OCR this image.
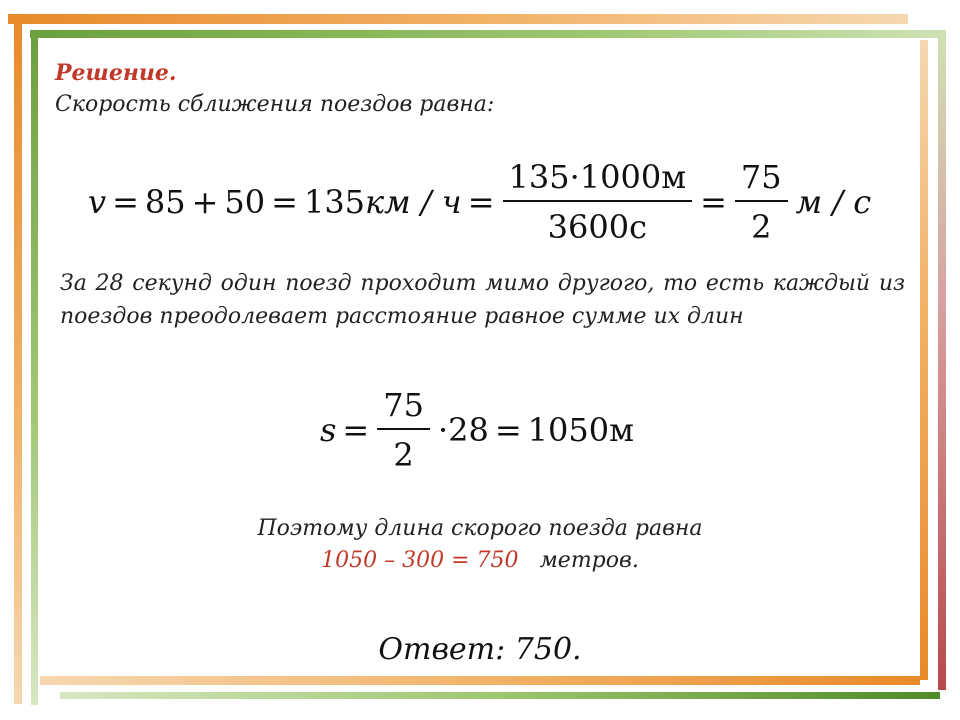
Решение.
Скорость сближения поездов равна:
v = 85 + 50 = 135 км / $ч = \frac{135\cdot 1000м}{3600с} = \frac{75}{2}$ м / с
За 28 секунд один поезд проходит мимо другого, то есть каждый из поездов преодолевает расстояние равное сумме их длин
$s = \frac{75}{2} \cdot 28 = 1050м$
Поэтому длина скорого поезда равна
1050 – 300 = 750 метров.
Ответ: 750.
